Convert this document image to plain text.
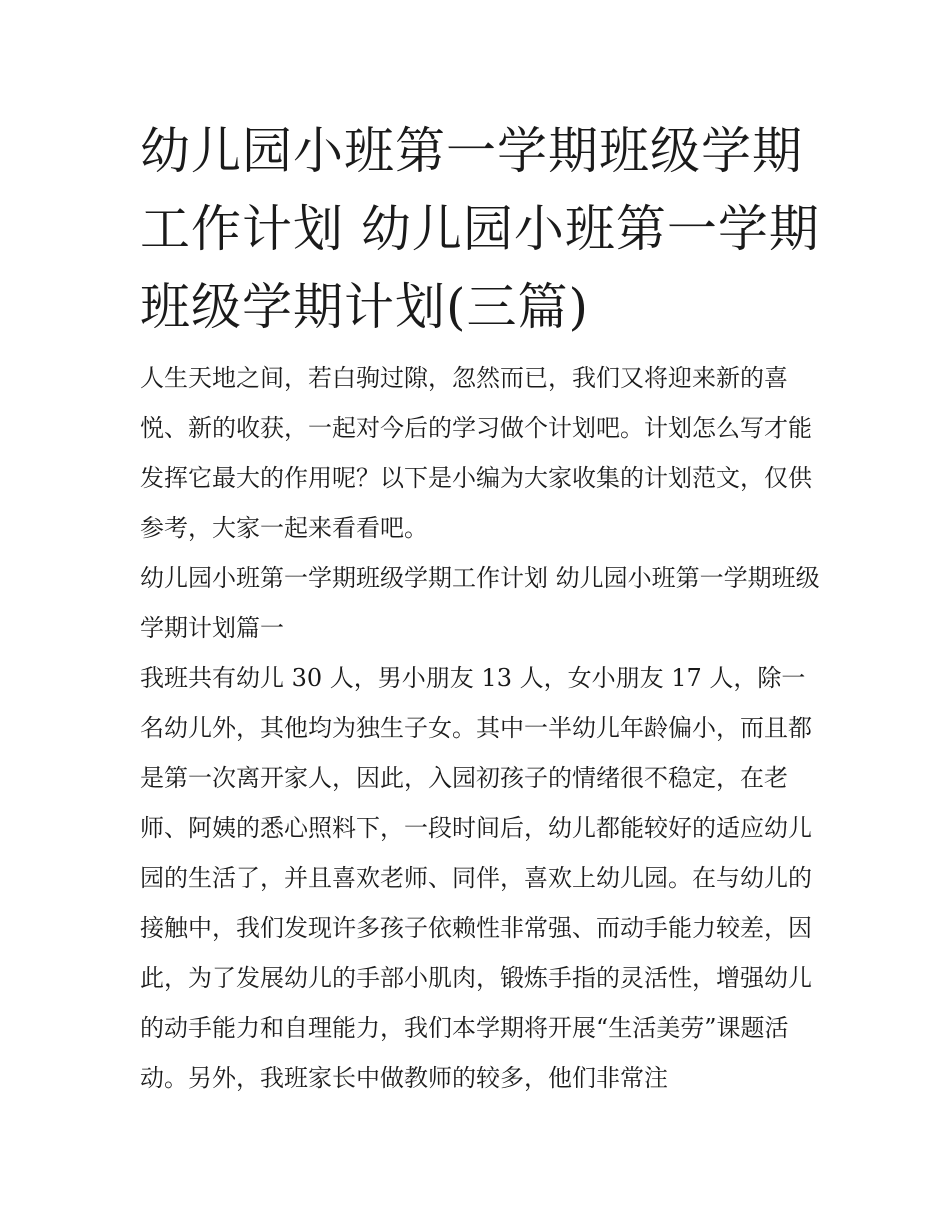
幼儿园小班第一学期班级学期工作计划 幼儿园小班第一学期班级学期计划(三篇)

人生天地之间，若白驹过隙，忽然而已，我们又将迎来新的喜悦、新的收获，一起对今后的学习做个计划吧。计划怎么写才能发挥它最大的作用呢？以下是小编为大家收集的计划范文，仅供参考，大家一起来看看吧。

幼儿园小班第一学期班级学期工作计划 幼儿园小班第一学期班级学期计划篇一

我班共有幼儿 30 人，男小朋友 13 人，女小朋友 17 人，除一名幼儿外，其他均为独生子女。其中一半幼儿年龄偏小，而且都是第一次离开家人，因此，入园初孩子的情绪很不稳定，在老师、阿姨的悉心照料下，一段时间后，幼儿都能较好的适应幼儿园的生活了，并且喜欢老师、同伴，喜欢上幼儿园。在与幼儿的接触中，我们发现许多孩子依赖性非常强、而动手能力较差，因此，为了发展幼儿的手部小肌肉，锻炼手指的灵活性，增强幼儿的动手能力和自理能力，我们本学期将开展“生活美劳”课题活动。另外，我班家长中做教师的较多，他们非常注
